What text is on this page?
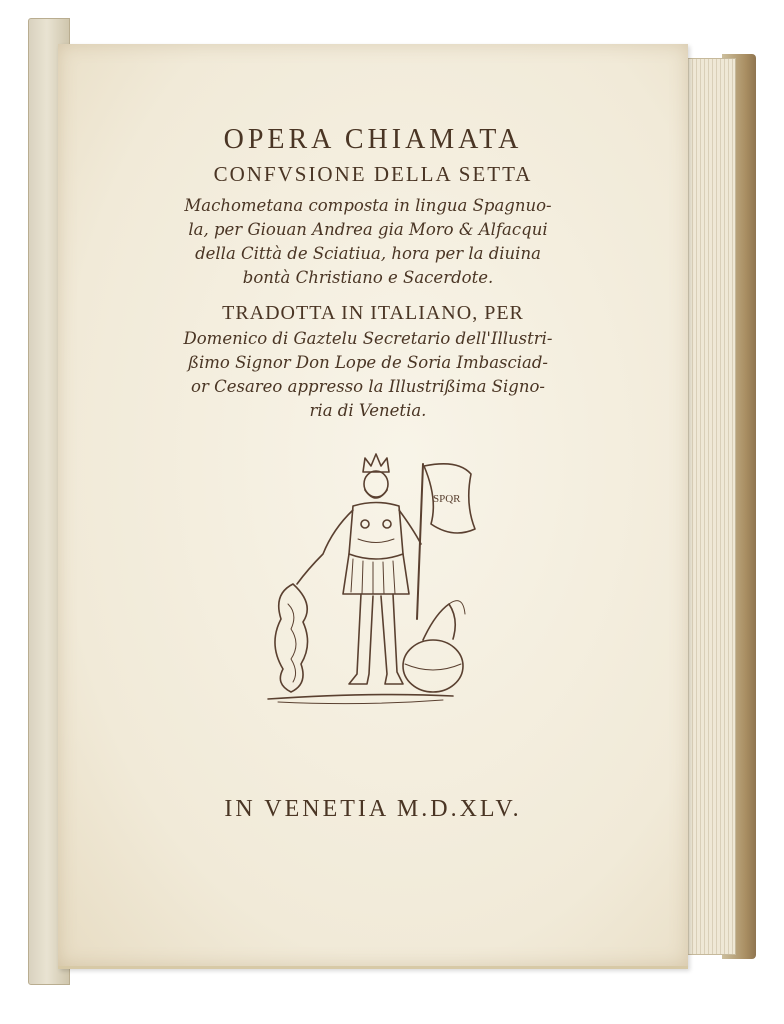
OPERA CHIAMATA
CONFVSIONE DELLA SETTA
Machometana composta in lingua Spagnuo-
la, per Giouan Andrea gia Moro & Alfacqui
della Città de Sciatiua, hora per la diuina
bontà Christiano e Sacerdote.
TRADOTTA IN ITALIANO, PER
Domenico di Gaztelu Secretario dell'Illustri-
ßimo Signor Don Lope de Soria Imbasciad-
or Cesareo appresso la Illustrißima Signo-
ria di Venetia.
SPQR
IN VENETIA M.D.XLV.
